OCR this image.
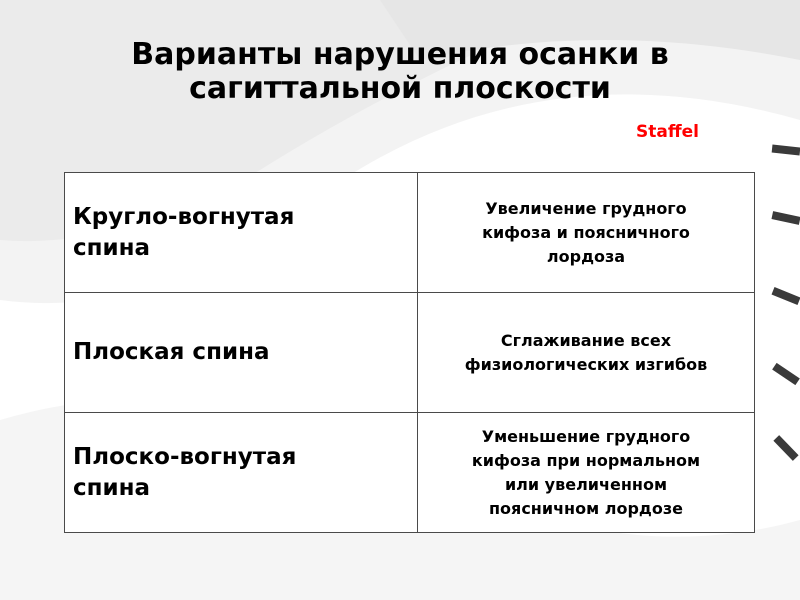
Варианты нарушения осанки в
сагиттальной плоскости
Staffel
Кругло-вогнутая
спина	Увеличение грудного
кифоза и поясничного
лордоза

Плоская спина	Сглаживание всех
физиологических изгибов

Плоско-вогнутая
спина	Уменьшение грудного
кифоза при нормальном
или увеличенном
поясничном лордозе
